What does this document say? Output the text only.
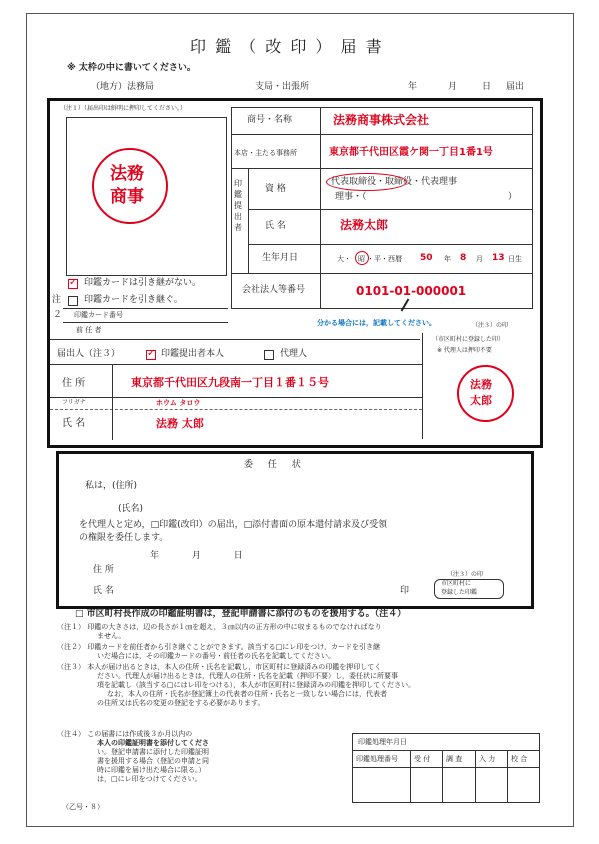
印 鑑 （ 改 印 ） 届 書
※ 太枠の中に書いてください。
（地方）法務局	支局・出張所	年	月	日 届出
（注１）（届出印は鮮明に押印してください。）
法務
商事
✓
印鑑カードは引き継がない。
注	印鑑カードを引き継ぐ。
２ 印鑑カード番号
前 任 者
商号・名称	法務商事株式会社
本店・主たる事務所	東京都千代田区霞ケ関一丁目1番1号
印鑑提出者
資 格
代表取締役・取締役・代表理事
理事・（	）
氏 名	法務太郎
生年月日	大・ 昭 ・平・西暦 50 年 8 月 13 日生
会社法人等番号	0101-01-000001
分かる場合には，記載してください。
届出人（注３）
✓	印鑑提出者本人	代理人
住 所	東京都千代田区九段南一丁目１番１５号
フリガナ	ホウム タロウ
氏 名	法務 太郎
（注３）の印
（市区町村に登録した印）
※ 代理人は押印不要
法務
太郎
委 任 状
私は，(住所)
(氏名)
を代理人と定め，□印鑑(改印）の届出，□添付書面の原本還付請求及び受領
の権限を委任します。
年 月 日
住 所
氏 名	印
（注３）の印
市区町村に
登録した印鑑
□ 市区町村長作成の印鑑証明書は，登記申請書に添付のものを援用する。（注４）
（注１） 印鑑の大きさは，辺の長さが１㎝を超え，３㎝以内の正方形の中に収まるものでなければなり
ません。
（注２） 印鑑カードを前任者から引き継ぐことができます。該当する□にレ印をつけ，カードを引き継
いだ場合には，その印鑑カードの番号・前任者の氏名を記載してください。
（注３） 本人が届け出るときは，本人の住所・氏名を記載し，市区町村に登録済みの印鑑を押印してく
ださい。代理人が届け出るときは，代理人の住所・氏名を記載（押印不要）し，委任状に所要事
項を記載し（該当する□にはレ印をつける），本人が市区町村に登録済みの印鑑を押印してください。
なお，本人の住所・氏名が登記簿上の代表者の住所・氏名と一致しない場合には，代表者
の住所又は氏名の変更の登記をする必要があります。
（注４） この届書には作成後３か月以内の
本人の印鑑証明書を添付してくださ
い。登記申請書に添付した印鑑証明
書を援用する場合（登記の申請と同
時に印鑑を届け出た場合に限る。）
は，□にレ印をつけてください。
印鑑処理年月日
印鑑処理番号 受 付 調 査 入 力 校 合
（乙号・８）
